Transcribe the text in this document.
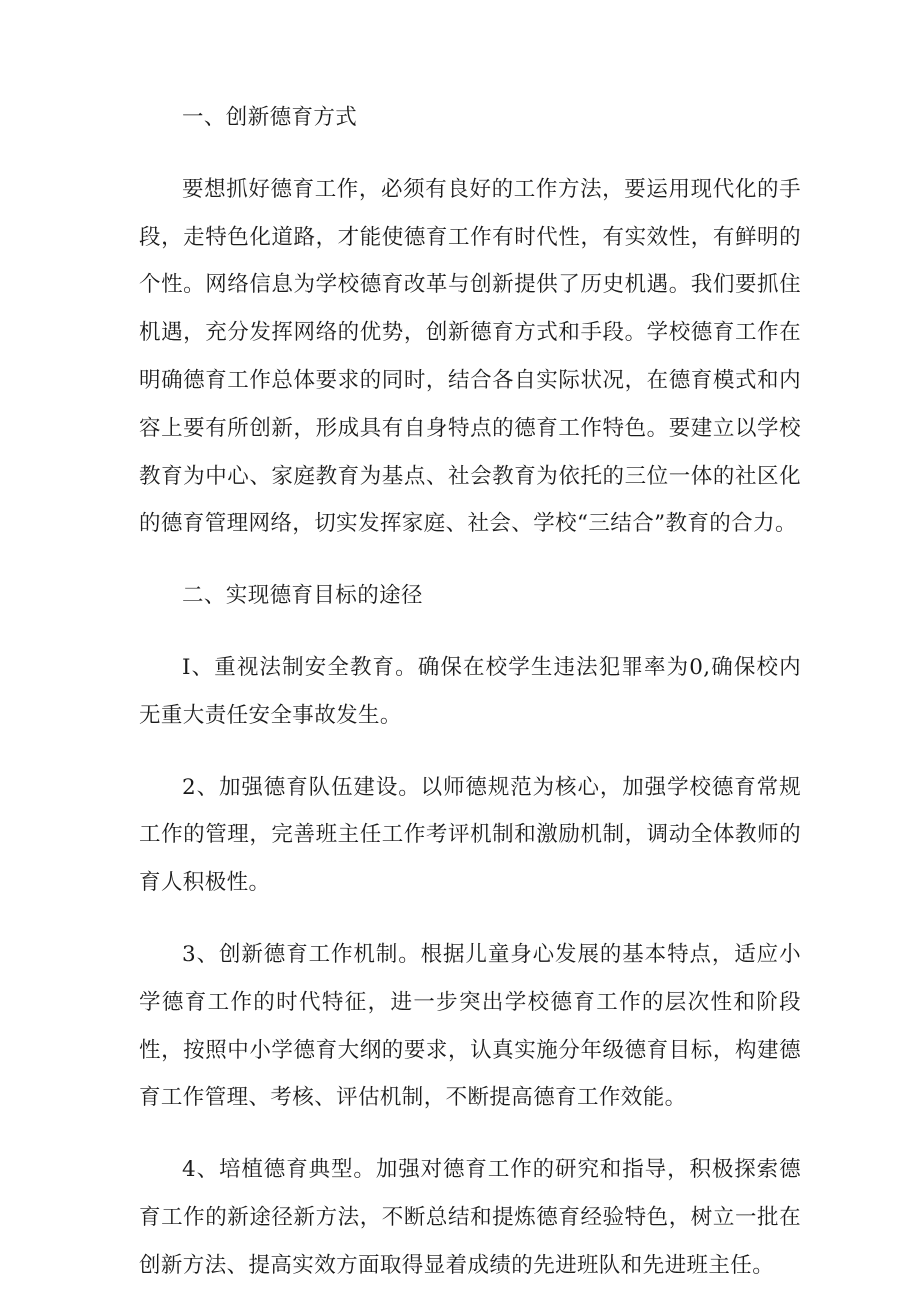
一、创新德育方式

要想抓好德育工作，必须有良好的工作方法，要运用现代化的手段，走特色化道路，才能使德育工作有时代性，有实效性，有鲜明的个性。网络信息为学校德育改革与创新提供了历史机遇。我们要抓住机遇，充分发挥网络的优势，创新德育方式和手段。学校德育工作在明确德育工作总体要求的同时，结合各自实际状况，在德育模式和内容上要有所创新，形成具有自身特点的德育工作特色。要建立以学校教育为中心、家庭教育为基点、社会教育为依托的三位一体的社区化的德育管理网络，切实发挥家庭、社会、学校“三结合”教育的合力。

二、实现德育目标的途径

I、重视法制安全教育。确保在校学生违法犯罪率为0,确保校内无重大责任安全事故发生。

2、加强德育队伍建设。以师德规范为核心，加强学校德育常规工作的管理，完善班主任工作考评机制和激励机制，调动全体教师的育人积极性。

3、创新德育工作机制。根据儿童身心发展的基本特点，适应小学德育工作的时代特征，进一步突出学校德育工作的层次性和阶段性，按照中小学德育大纲的要求，认真实施分年级德育目标，构建德育工作管理、考核、评估机制，不断提高德育工作效能。

4、培植德育典型。加强对德育工作的研究和指导，积极探索德育工作的新途径新方法，不断总结和提炼德育经验特色，树立一批在创新方法、提高实效方面取得显着成绩的先进班队和先进班主任。
